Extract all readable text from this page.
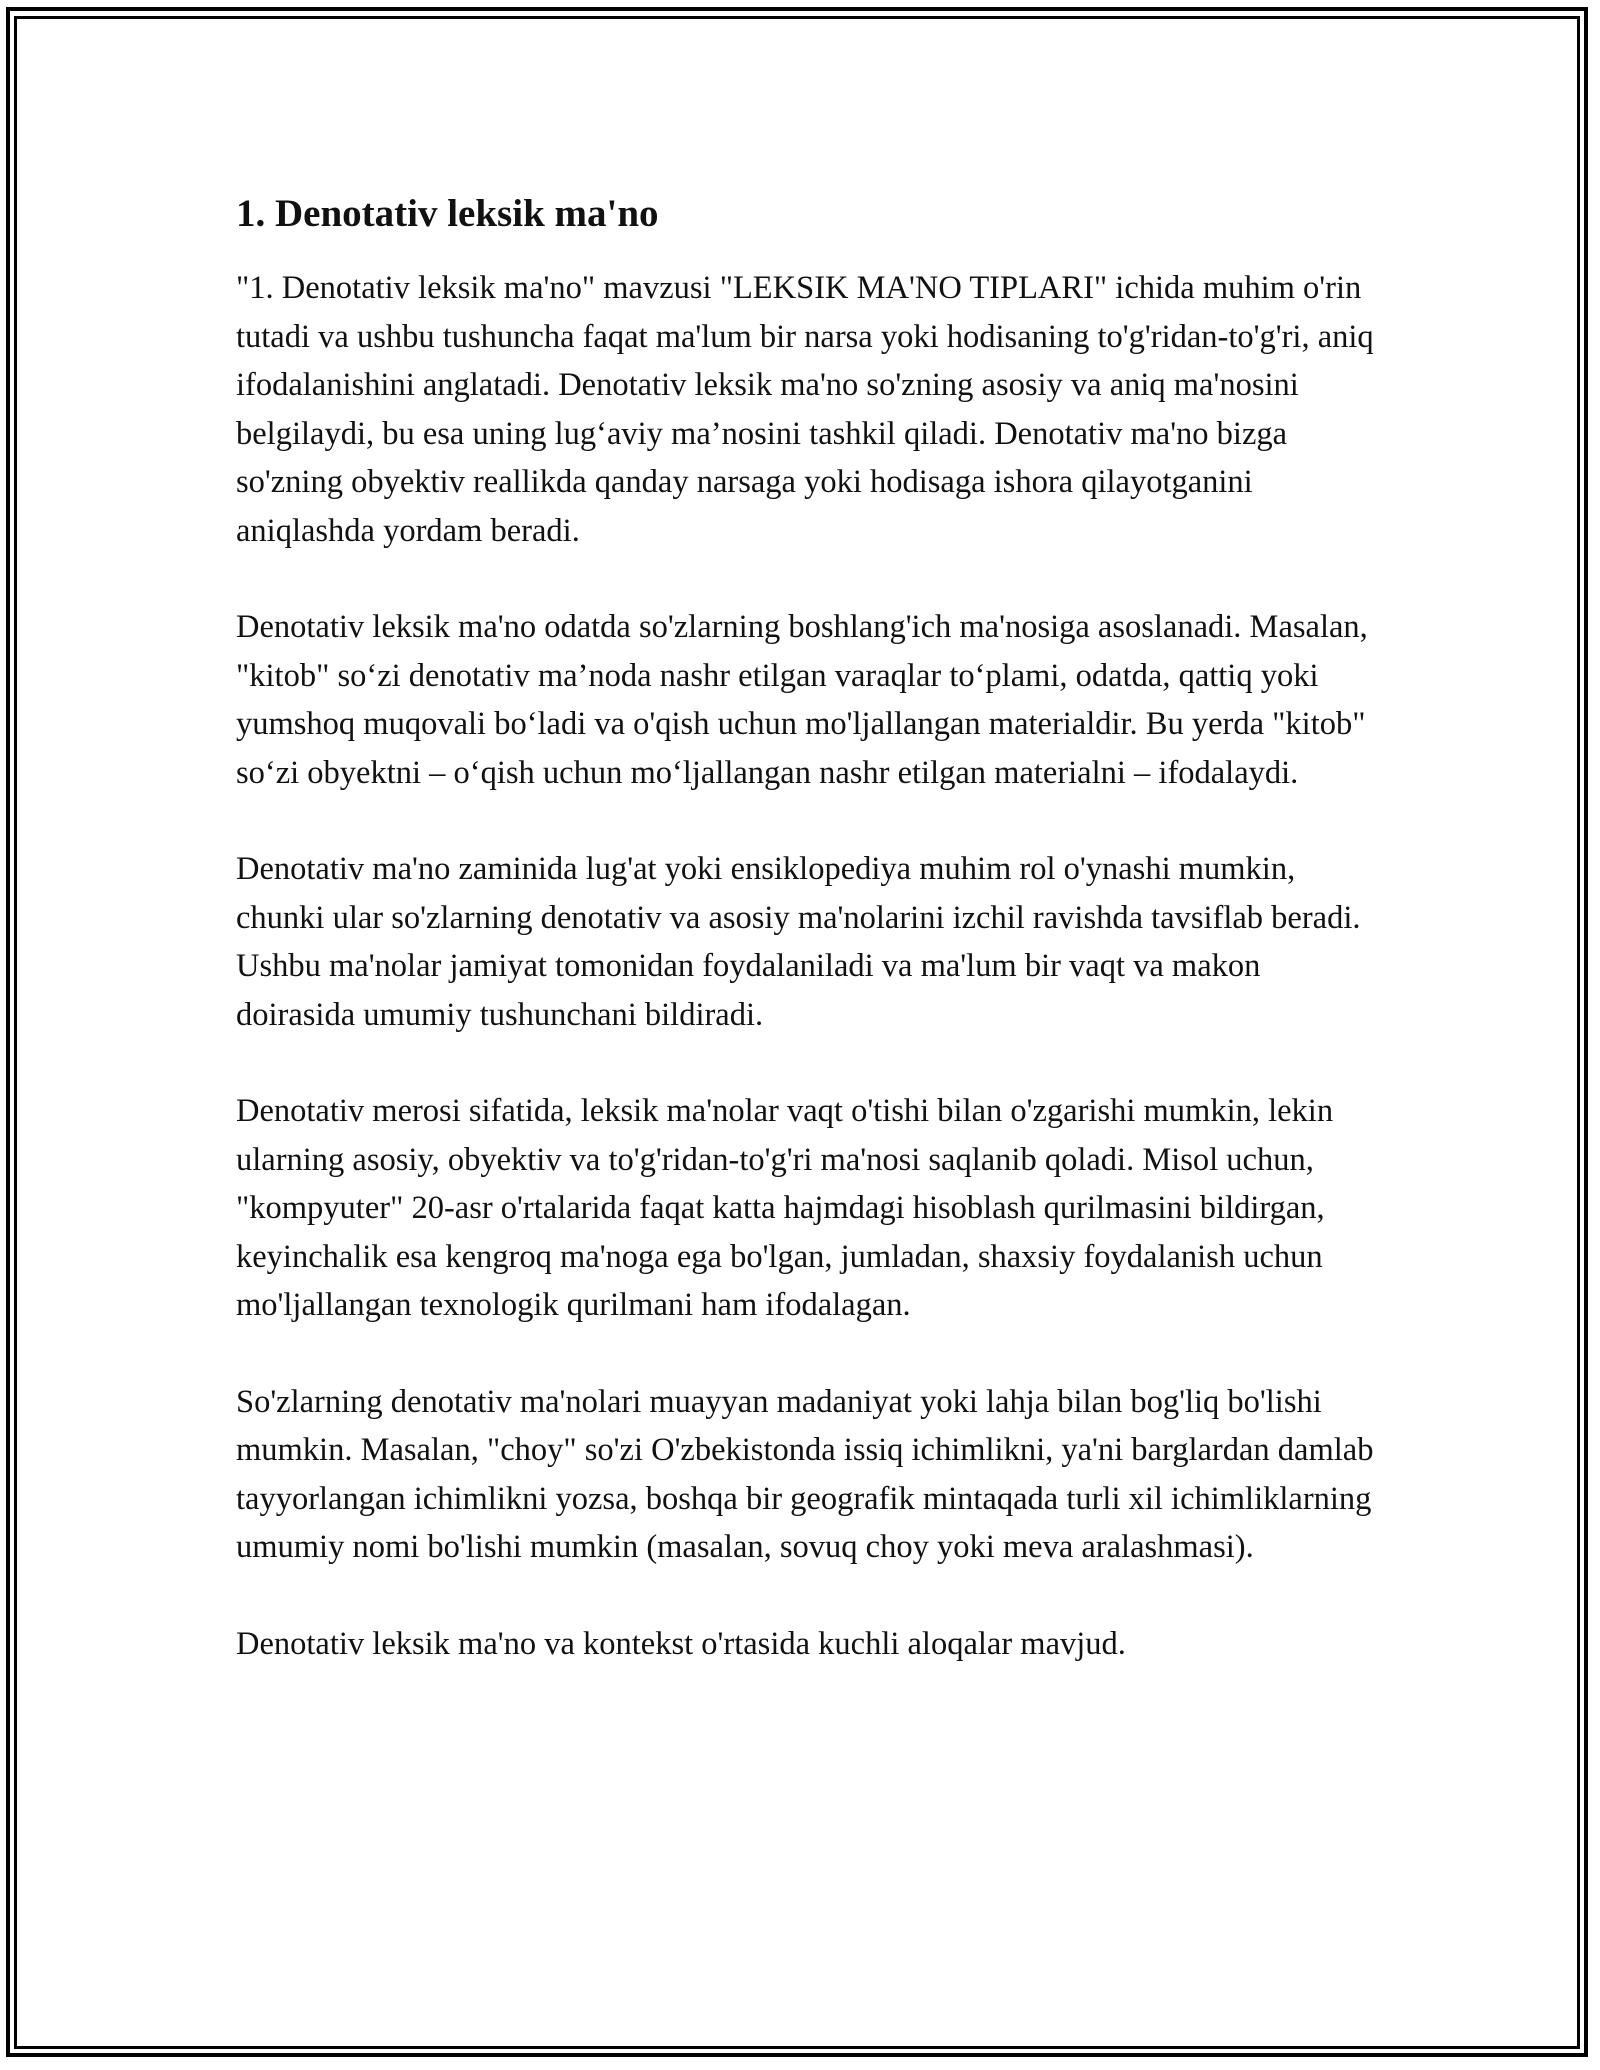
1. Denotativ leksik ma'no

"1. Denotativ leksik ma'no" mavzusi "LEKSIK MA'NO TIPLARI" ichida muhim o'rin tutadi va ushbu tushuncha faqat ma'lum bir narsa yoki hodisaning to'g'ridan-to'g'ri, aniq ifodalanishini anglatadi. Denotativ leksik ma'no so'zning asosiy va aniq ma'nosini belgilaydi, bu esa uning lug‘aviy ma’nosini tashkil qiladi. Denotativ ma'no bizga so'zning obyektiv reallikda qanday narsaga yoki hodisaga ishora qilayotganini aniqlashda yordam beradi.

Denotativ leksik ma'no odatda so'zlarning boshlang'ich ma'nosiga asoslanadi. Masalan, "kitob" so‘zi denotativ ma’noda nashr etilgan varaqlar to‘plami, odatda, qattiq yoki yumshoq muqovali bo‘ladi va o'qish uchun mo'ljallangan materialdir. Bu yerda "kitob" so‘zi obyektni – o‘qish uchun mo‘ljallangan nashr etilgan materialni – ifodalaydi.

Denotativ ma'no zaminida lug'at yoki ensiklopediya muhim rol o'ynashi mumkin, chunki ular so'zlarning denotativ va asosiy ma'nolarini izchil ravishda tavsiflab beradi. Ushbu ma'nolar jamiyat tomonidan foydalaniladi va ma'lum bir vaqt va makon doirasida umumiy tushunchani bildiradi.

Denotativ merosi sifatida, leksik ma'nolar vaqt o'tishi bilan o'zgarishi mumkin, lekin ularning asosiy, obyektiv va to'g'ridan-to'g'ri ma'nosi saqlanib qoladi. Misol uchun, "kompyuter" 20-asr o'rtalarida faqat katta hajmdagi hisoblash qurilmasini bildirgan, keyinchalik esa kengroq ma'noga ega bo'lgan, jumladan, shaxsiy foydalanish uchun mo'ljallangan texnologik qurilmani ham ifodalagan.

So'zlarning denotativ ma'nolari muayyan madaniyat yoki lahja bilan bog'liq bo'lishi mumkin. Masalan, "choy" so'zi O'zbekistonda issiq ichimlikni, ya'ni barglardan damlab tayyorlangan ichimlikni yozsa, boshqa bir geografik mintaqada turli xil ichimliklarning umumiy nomi bo'lishi mumkin (masalan, sovuq choy yoki meva aralashmasi).

Denotativ leksik ma'no va kontekst o'rtasida kuchli aloqalar mavjud.
